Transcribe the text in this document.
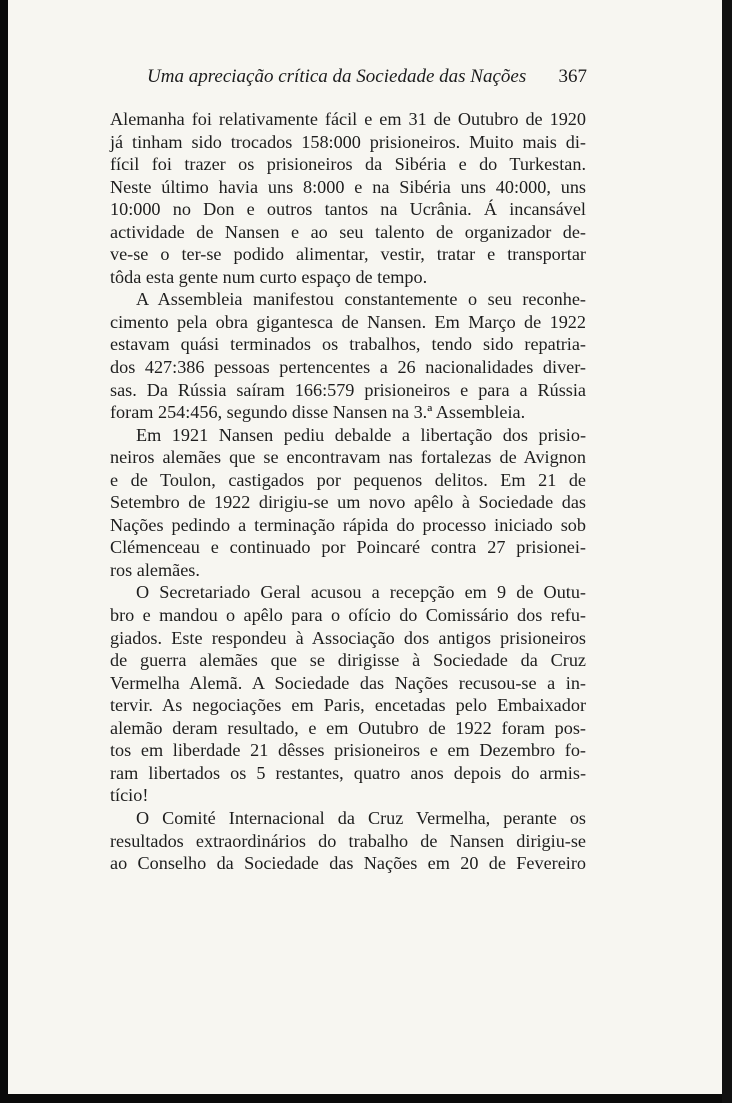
Uma apreciação crítica da Sociedade das Nações 367
Alemanha foi relativamente fácil e em 31 de Outubro de 1920
já tinham sido trocados 158:000 prisioneiros. Muito mais di-
fícil foi trazer os prisioneiros da Sibéria e do Turkestan.
Neste último havia uns 8:000 e na Sibéria uns 40:000, uns
10:000 no Don e outros tantos na Ucrânia. Á incansável
actividade de Nansen e ao seu talento de organizador de-
ve-se o ter-se podido alimentar, vestir, tratar e transportar
tôda esta gente num curto espaço de tempo.
A Assembleia manifestou constantemente o seu reconhe-
cimento pela obra gigantesca de Nansen. Em Março de 1922
estavam quási terminados os trabalhos, tendo sido repatria-
dos 427:386 pessoas pertencentes a 26 nacionalidades diver-
sas. Da Rússia saíram 166:579 prisioneiros e para a Rússia
foram 254:456, segundo disse Nansen na 3.ª Assembleia.
Em 1921 Nansen pediu debalde a libertação dos prisio-
neiros alemães que se encontravam nas fortalezas de Avignon
e de Toulon, castigados por pequenos delitos. Em 21 de
Setembro de 1922 dirigiu-se um novo apêlo à Sociedade das
Nações pedindo a terminação rápida do processo iniciado sob
Clémenceau e continuado por Poincaré contra 27 prisionei-
ros alemães.
O Secretariado Geral acusou a recepção em 9 de Outu-
bro e mandou o apêlo para o ofício do Comissário dos refu-
giados. Este respondeu à Associação dos antigos prisioneiros
de guerra alemães que se dirigisse à Sociedade da Cruz
Vermelha Alemã. A Sociedade das Nações recusou-se a in-
tervir. As negociações em Paris, encetadas pelo Embaixador
alemão deram resultado, e em Outubro de 1922 foram pos-
tos em liberdade 21 dêsses prisioneiros e em Dezembro fo-
ram libertados os 5 restantes, quatro anos depois do armis-
tício!
O Comité Internacional da Cruz Vermelha, perante os
resultados extraordinários do trabalho de Nansen dirigiu-se
ao Conselho da Sociedade das Nações em 20 de Fevereiro
